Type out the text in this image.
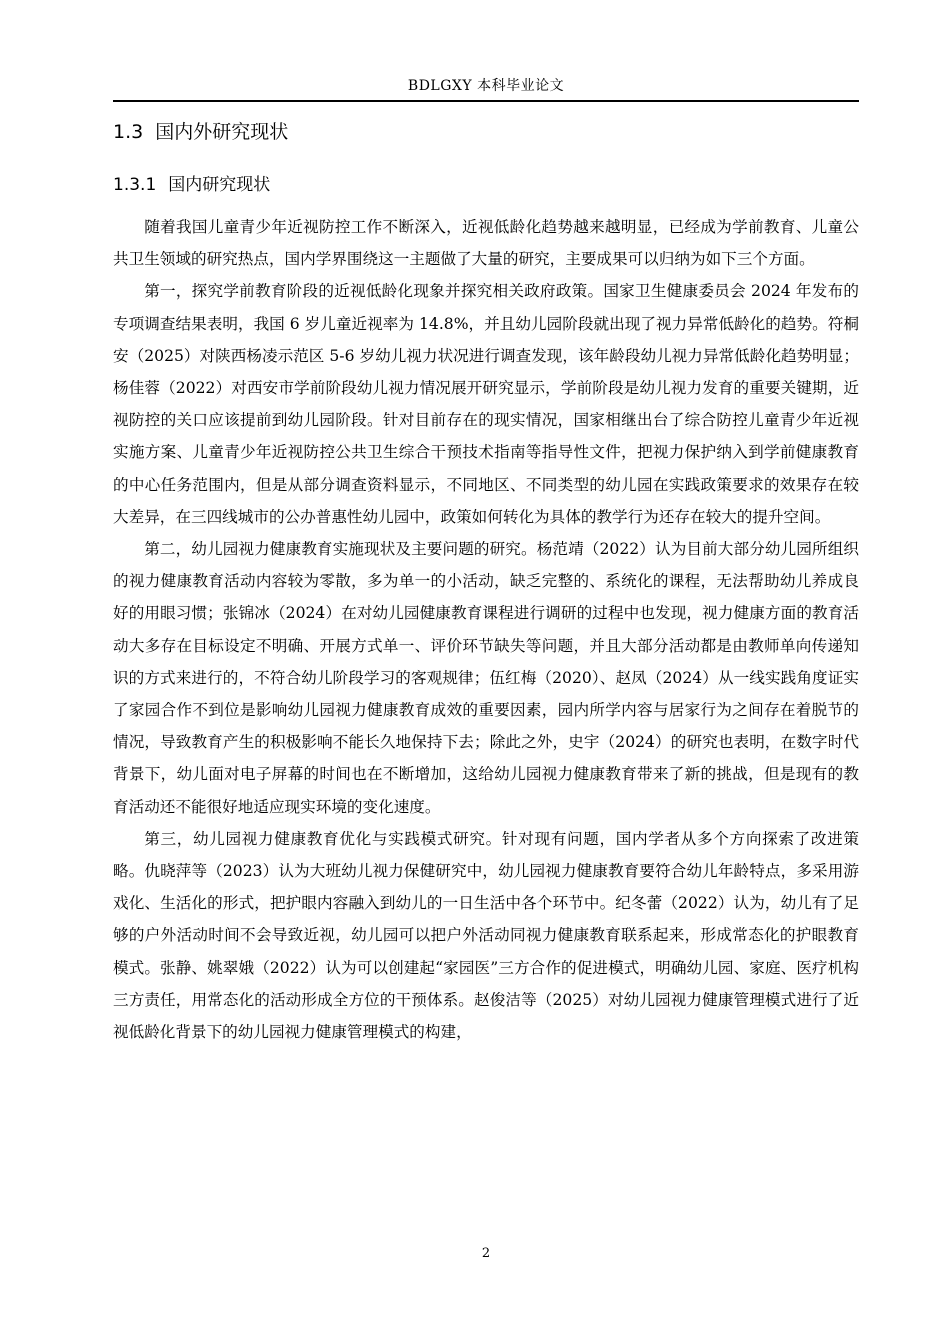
BDLGXY 本科毕业论文
1.3 国内外研究现状
1.3.1 国内研究现状

随着我国儿童青少年近视防控工作不断深入，近视低龄化趋势越来越明显，已经成为学前教育、儿童公共卫生领域的研究热点，国内学界围绕这一主题做了大量的研究，主要成果可以归纳为如下三个方面。

第一，探究学前教育阶段的近视低龄化现象并探究相关政府政策。国家卫生健康委员会 2024 年发布的专项调查结果表明，我国 6 岁儿童近视率为 14.8%，并且幼儿园阶段就出现了视力异常低龄化的趋势。符桐安（2025）对陕西杨凌示范区 5-6 岁幼儿视力状况进行调查发现，该年龄段幼儿视力异常低龄化趋势明显；杨佳蓉（2022）对西安市学前阶段幼儿视力情况展开研究显示，学前阶段是幼儿视力发育的重要关键期，近视防控的关口应该提前到幼儿园阶段。针对目前存在的现实情况，国家相继出台了综合防控儿童青少年近视实施方案、儿童青少年近视防控公共卫生综合干预技术指南等指导性文件，把视力保护纳入到学前健康教育的中心任务范围内，但是从部分调查资料显示，不同地区、不同类型的幼儿园在实践政策要求的效果存在较大差异，在三四线城市的公办普惠性幼儿园中，政策如何转化为具体的教学行为还存在较大的提升空间。

第二，幼儿园视力健康教育实施现状及主要问题的研究。杨范靖（2022）认为目前大部分幼儿园所组织的视力健康教育活动内容较为零散，多为单一的小活动，缺乏完整的、系统化的课程，无法帮助幼儿养成良好的用眼习惯；张锦冰（2024）在对幼儿园健康教育课程进行调研的过程中也发现，视力健康方面的教育活动大多存在目标设定不明确、开展方式单一、评价环节缺失等问题，并且大部分活动都是由教师单向传递知识的方式来进行的，不符合幼儿阶段学习的客观规律；伍红梅（2020）、赵凤（2024）从一线实践角度证实了家园合作不到位是影响幼儿园视力健康教育成效的重要因素，园内所学内容与居家行为之间存在着脱节的情况，导致教育产生的积极影响不能长久地保持下去；除此之外，史宇（2024）的研究也表明，在数字时代背景下，幼儿面对电子屏幕的时间也在不断增加，这给幼儿园视力健康教育带来了新的挑战，但是现有的教育活动还不能很好地适应现实环境的变化速度。

第三，幼儿园视力健康教育优化与实践模式研究。针对现有问题，国内学者从多个方向探索了改进策略。仇晓萍等（2023）认为大班幼儿视力保健研究中，幼儿园视力健康教育要符合幼儿年龄特点，多采用游戏化、生活化的形式，把护眼内容融入到幼儿的一日生活中各个环节中。纪冬蕾（2022）认为，幼儿有了足够的户外活动时间不会导致近视，幼儿园可以把户外活动同视力健康教育联系起来，形成常态化的护眼教育模式。张静、姚翠娥（2022）认为可以创建起“家园医”三方合作的促进模式，明确幼儿园、家庭、医疗机构三方责任，用常态化的活动形成全方位的干预体系。赵俊洁等（2025）对幼儿园视力健康管理模式进行了近视低龄化背景下的幼儿园视力健康管理模式的构建，

2
